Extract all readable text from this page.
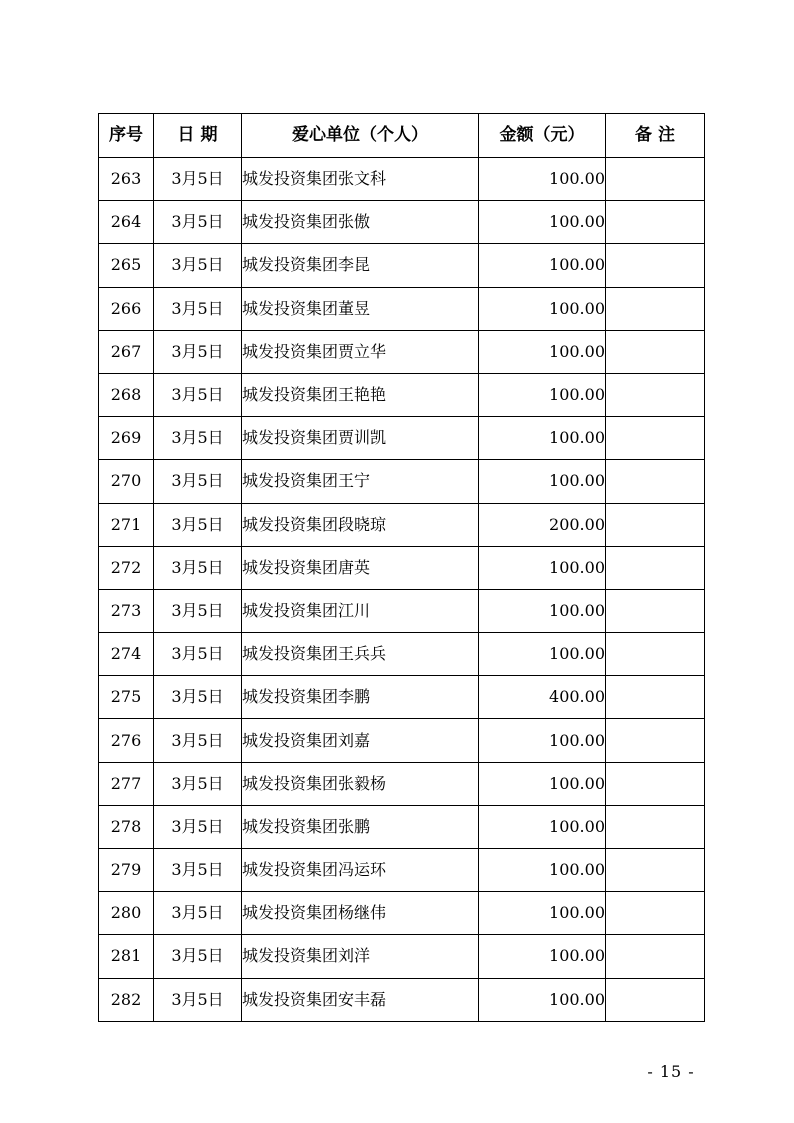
序号	日 期	爱心单位（个人）	金额（元）	备 注
263	3月5日	城发投资集团张文科	100.00	
264	3月5日	城发投资集团张傲	100.00	
265	3月5日	城发投资集团李昆	100.00	
266	3月5日	城发投资集团董昱	100.00	
267	3月5日	城发投资集团贾立华	100.00	
268	3月5日	城发投资集团王艳艳	100.00	
269	3月5日	城发投资集团贾训凯	100.00	
270	3月5日	城发投资集团王宁	100.00	
271	3月5日	城发投资集团段晓琼	200.00	
272	3月5日	城发投资集团唐英	100.00	
273	3月5日	城发投资集团江川	100.00	
274	3月5日	城发投资集团王兵兵	100.00	
275	3月5日	城发投资集团李鹏	400.00	
276	3月5日	城发投资集团刘嘉	100.00	
277	3月5日	城发投资集团张毅杨	100.00	
278	3月5日	城发投资集团张鹏	100.00	
279	3月5日	城发投资集团冯运环	100.00	
280	3月5日	城发投资集团杨继伟	100.00	
281	3月5日	城发投资集团刘洋	100.00	
282	3月5日	城发投资集团安丰磊	100.00	
- 15 -
